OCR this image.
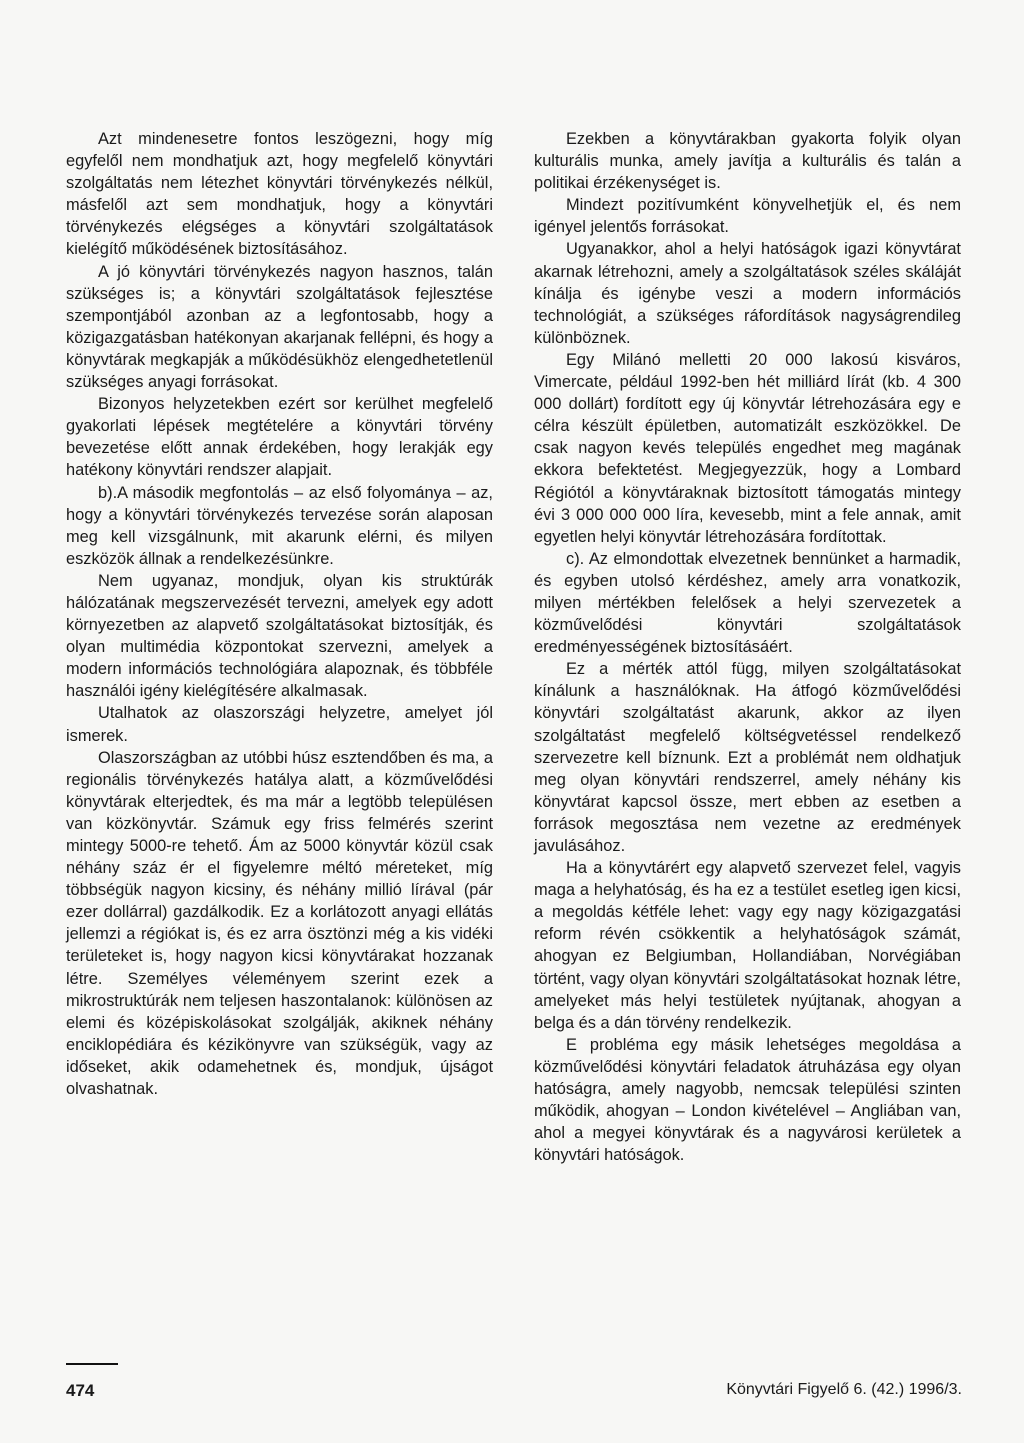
Azt mindenesetre fontos leszögezni, hogy míg egyfelől nem mondhatjuk azt, hogy megfelelő könyvtári szolgáltatás nem létezhet könyvtári törvénykezés nélkül, másfelől azt sem mondhatjuk, hogy a könyvtári törvénykezés elégséges a könyvtári szolgáltatások kielégítő működésének biztosításához.

A jó könyvtári törvénykezés nagyon hasznos, talán szükséges is; a könyvtári szolgáltatások fejlesztése szempontjából azonban az a legfontosabb, hogy a közigazgatásban hatékonyan akarjanak fellépni, és hogy a könyvtárak megkapják a működésükhöz elengedhetetlenül szükséges anyagi forrásokat.

Bizonyos helyzetekben ezért sor kerülhet megfelelő gyakorlati lépések megtételére a könyvtári törvény bevezetése előtt annak érdekében, hogy lerakják egy hatékony könyvtári rendszer alapjait.

b).A második megfontolás – az első folyománya – az, hogy a könyvtári törvénykezés tervezése során alaposan meg kell vizsgálnunk, mit akarunk elérni, és milyen eszközök állnak a rendelkezésünkre.

Nem ugyanaz, mondjuk, olyan kis struktúrák hálózatának megszervezését tervezni, amelyek egy adott környezetben az alapvető szolgáltatásokat biztosítják, és olyan multimédia központokat szervezni, amelyek a modern információs technológiára alapoznak, és többféle használói igény kielégítésére alkalmasak.

Utalhatok az olaszországi helyzetre, amelyet jól ismerek.

Olaszországban az utóbbi húsz esztendőben és ma, a regionális törvénykezés hatálya alatt, a közművelődési könyvtárak elterjedtek, és ma már a legtöbb településen van közkönyvtár. Számuk egy friss felmérés szerint mintegy 5000-re tehető. Ám az 5000 könyvtár közül csak néhány száz ér el figyelemre méltó méreteket, míg többségük nagyon kicsiny, és néhány millió lírával (pár ezer dollárral) gazdálkodik. Ez a korlátozott anyagi ellátás jellemzi a régiókat is, és ez arra ösztönzi még a kis vidéki területeket is, hogy nagyon kicsi könyvtárakat hozzanak létre. Személyes véleményem szerint ezek a mikrostruktúrák nem teljesen haszontalanok: különösen az elemi és középiskolásokat szolgálják, akiknek néhány enciklopédiára és kézikönyvre van szükségük, vagy az időseket, akik odamehetnek és, mondjuk, újságot olvashatnak.

Ezekben a könyvtárakban gyakorta folyik olyan kulturális munka, amely javítja a kulturális és talán a politikai érzékenységet is.

Mindezt pozitívumként könyvelhetjük el, és nem igényel jelentős forrásokat.

Ugyanakkor, ahol a helyi hatóságok igazi könyvtárat akarnak létrehozni, amely a szolgáltatások széles skáláját kínálja és igénybe veszi a modern információs technológiát, a szükséges ráfordítások nagyságrendileg különböznek.

Egy Milánó melletti 20 000 lakosú kisváros, Vimercate, például 1992-ben hét milliárd lírát (kb. 4 300 000 dollárt) fordított egy új könyvtár létrehozására egy e célra készült épületben, automatizált eszközökkel. De csak nagyon kevés település engedhet meg magának ekkora befektetést. Megjegyezzük, hogy a Lombard Régiótól a könyvtáraknak biztosított támogatás mintegy évi 3 000 000 000 líra, kevesebb, mint a fele annak, amit egyetlen helyi könyvtár létrehozására fordítottak.

c). Az elmondottak elvezetnek bennünket a harmadik, és egyben utolsó kérdéshez, amely arra vonatkozik, milyen mértékben felelősek a helyi szervezetek a közművelődési könyvtári szolgáltatások eredményességének biztosításáért.

Ez a mérték attól függ, milyen szolgáltatásokat kínálunk a használóknak. Ha átfogó közművelődési könyvtári szolgáltatást akarunk, akkor az ilyen szolgáltatást megfelelő költségvetéssel rendelkező szervezetre kell bíznunk. Ezt a problémát nem oldhatjuk meg olyan könyvtári rendszerrel, amely néhány kis könyvtárat kapcsol össze, mert ebben az esetben a források megosztása nem vezetne az eredmények javulásához.

Ha a könyvtárért egy alapvető szervezet felel, vagyis maga a helyhatóság, és ha ez a testület esetleg igen kicsi, a megoldás kétféle lehet: vagy egy nagy közigazgatási reform révén csökkentik a helyhatóságok számát, ahogyan ez Belgiumban, Hollandiában, Norvégiában történt, vagy olyan könyvtári szolgáltatásokat hoznak létre, amelyeket más helyi testületek nyújtanak, ahogyan a belga és a dán törvény rendelkezik.

E probléma egy másik lehetséges megoldása a közművelődési könyvtári feladatok átruházása egy olyan hatóságra, amely nagyobb, nemcsak települési szinten működik, ahogyan – London kivételével – Angliában van, ahol a megyei könyvtárak és a nagyvárosi kerületek a könyvtári hatóságok.

474	Könyvtári Figyelő 6. (42.) 1996/3.
